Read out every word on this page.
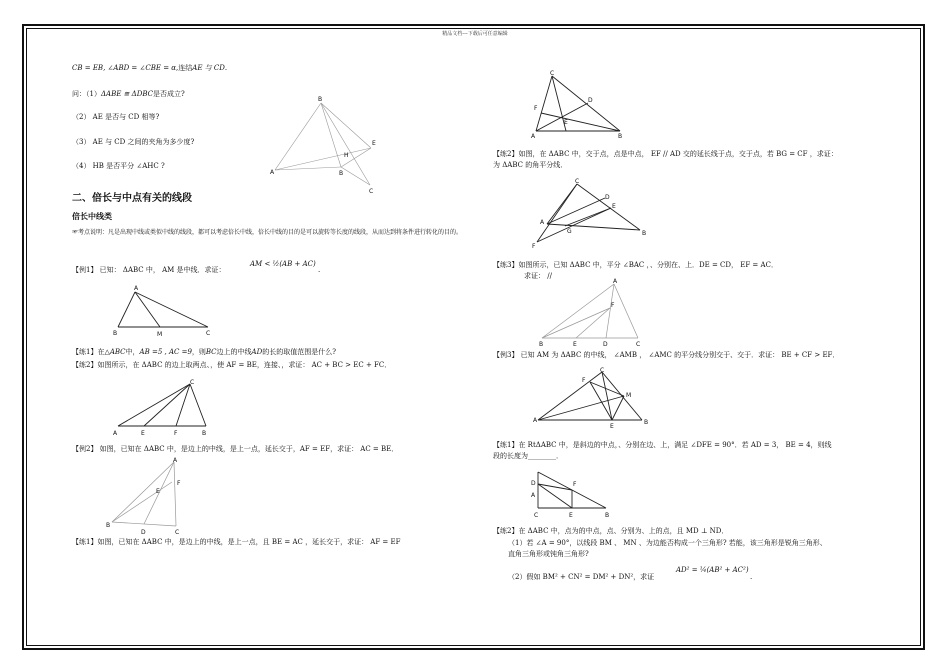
精品文档---下载后可任意编辑
CB = EB, ∠ABD = ∠CBE = α,连结AE 与 CD.
问：（1）ΔABE ≅ ΔDBC是否成立?
（2） AE 是否与 CD 相等?
（3） AE 与 CD 之间的夹角为多少度?
（4） HB 是否平分 ∠AHC ?
B
H
E
A	B
C
二、倍长与中点有关的线段
倍长中线类
☞考点说明：凡是出现中线或类似中线的线段，都可以考虑倍长中线，倍长中线的目的是可以旋转等长度的线段，从而达到将条件进行转化的目的。
【例1】 已知： ΔABC 中， AM 是中线．求证：
AM < ½(AB + AC)
.
A
B	M	C
【练1】在△ABC中，AB =5 , AC =9，则BC边上的中线AD的长的取值范围是什么?
【练2】如图所示，在 ΔABC 的边上取两点、，使 AF = BE，连接、，求证： AC + BC > EC + FC．
C
A	E	F	B
【例2】 如图，已知在 ΔABC 中，是边上的中线，是上一点，延长交于，AF = EF，求证： AC = BE．
A
F
E
B
D	C
【练1】如图，已知在 ΔABC 中，是边上的中线，是上一点，且 BE = AC ，延长交于，求证： AF = EF
C
F
D
E
A	B
【练2】如图，在 ΔABC 中，交于点，点是中点， EF // AD 交的延长线于点，交于点，若 BG = CF ，求证：
为 ΔABC 的角平分线．
C
D
E
A
G	B
F
【练3】如图所示，已知 ΔABC 中，平分 ∠BAC ，、分别在、上．DE = CD， EF = AC．
求证： //
A
F
B	E	D	C
【例3】 已知 AM 为 ΔABC 的中线， ∠AMB ， ∠AMC 的平分线分别交于、交于．求证： BE + CF > EF．
C
F
M
A
E
B
【练1】在 RtΔABC 中，是斜边的中点，、分别在边、上，满足 ∠DFE = 90°．若 AD = 3， BE = 4，则线
段的长度为________．
D	F
A
C	E	B
【练2】在 ΔABC 中，点为的中点，点、分别为、上的点，且 MD ⊥ ND．
（1）若 ∠A = 90°，以线段 BM 、 MN 、为边能否构成一个三角形? 若能，该三角形是锐角三角形、
直角三角形或钝角三角形?
（2）假如 BM² + CN² = DM² + DN²，求证
AD² = ¼(AB² + AC²)
.
